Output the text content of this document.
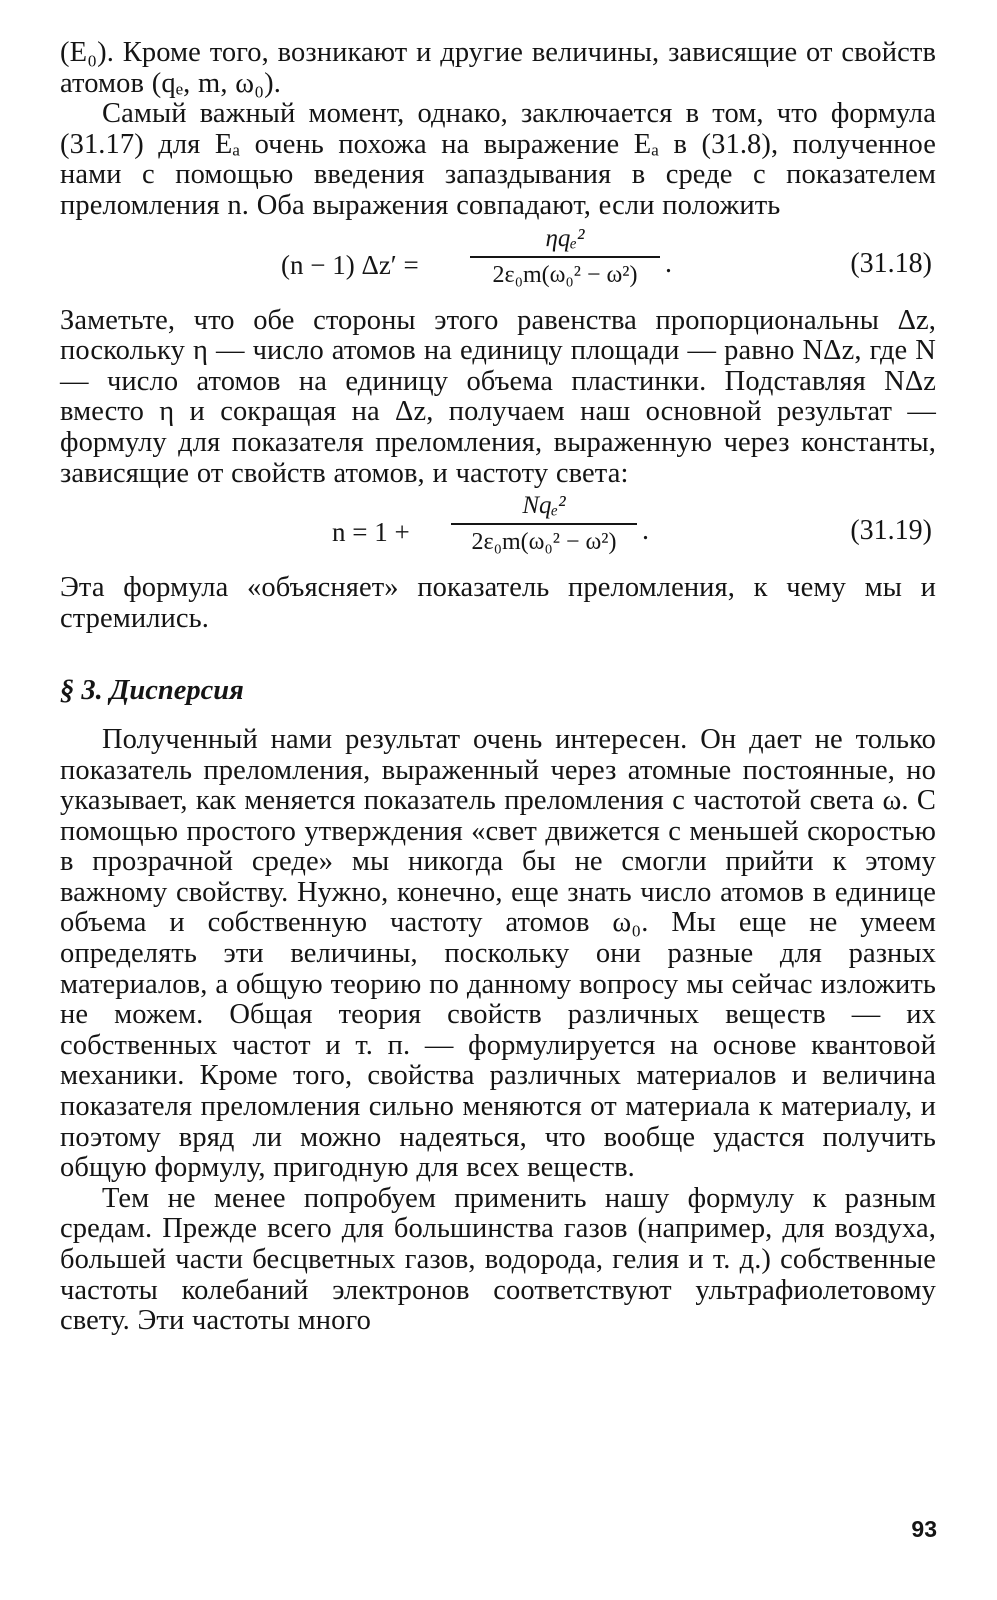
(E₀). Кроме того, возникают и другие величины, зависящие от свойств атомов (qₑ, m, ω₀).

Самый важный момент, однако, заключается в том, что формула (31.17) для Eₐ очень похожа на выражение Eₐ в (31.8), полученное нами с помощью введения запаздывания в среде с показателем преломления n. Оба выражения совпадают, если положить

(n − 1) Δz′ =
ηqₑ²
2ε₀m(ω₀² − ω²) .	(31.18)

Заметьте, что обе стороны этого равенства пропорциональны Δz, поскольку η — число атомов на единицу площади — равно NΔz, где N — число атомов на единицу объема пластинки. Подставляя NΔz вместо η и сокращая на Δz, получаем наш основной результат — формулу для показателя преломления, выраженную через константы, зависящие от свойств атомов, и частоту света:

n = 1 +
Nqₑ²
2ε₀m(ω₀² − ω²) .	(31.19)

Эта формула «объясняет» показатель преломления, к чему мы и стремились.

§ 3. Дисперсия

Полученный нами результат очень интересен. Он дает не только показатель преломления, выраженный через атомные постоянные, но указывает, как меняется показатель преломления с частотой света ω. С помощью простого утверждения «свет движется с меньшей скоростью в прозрачной среде» мы никогда бы не смогли прийти к этому важному свойству. Нужно, конечно, еще знать число атомов в единице объема и собственную частоту атомов ω₀. Мы еще не умеем определять эти величины, поскольку они разные для разных материалов, а общую теорию по данному вопросу мы сейчас изложить не можем. Общая теория свойств различных веществ — их собственных частот и т. п. — формулируется на основе квантовой механики. Кроме того, свойства различных материалов и величина показателя преломления сильно меняются от материала к материалу, и поэтому вряд ли можно надеяться, что вообще удастся получить общую формулу, пригодную для всех веществ.

Тем не менее попробуем применить нашу формулу к разным средам. Прежде всего для большинства газов (например, для воздуха, большей части бесцветных газов, водорода, гелия и т. д.) собственные частоты колебаний электронов соответствуют ультрафиолетовому свету. Эти частоты много

93
